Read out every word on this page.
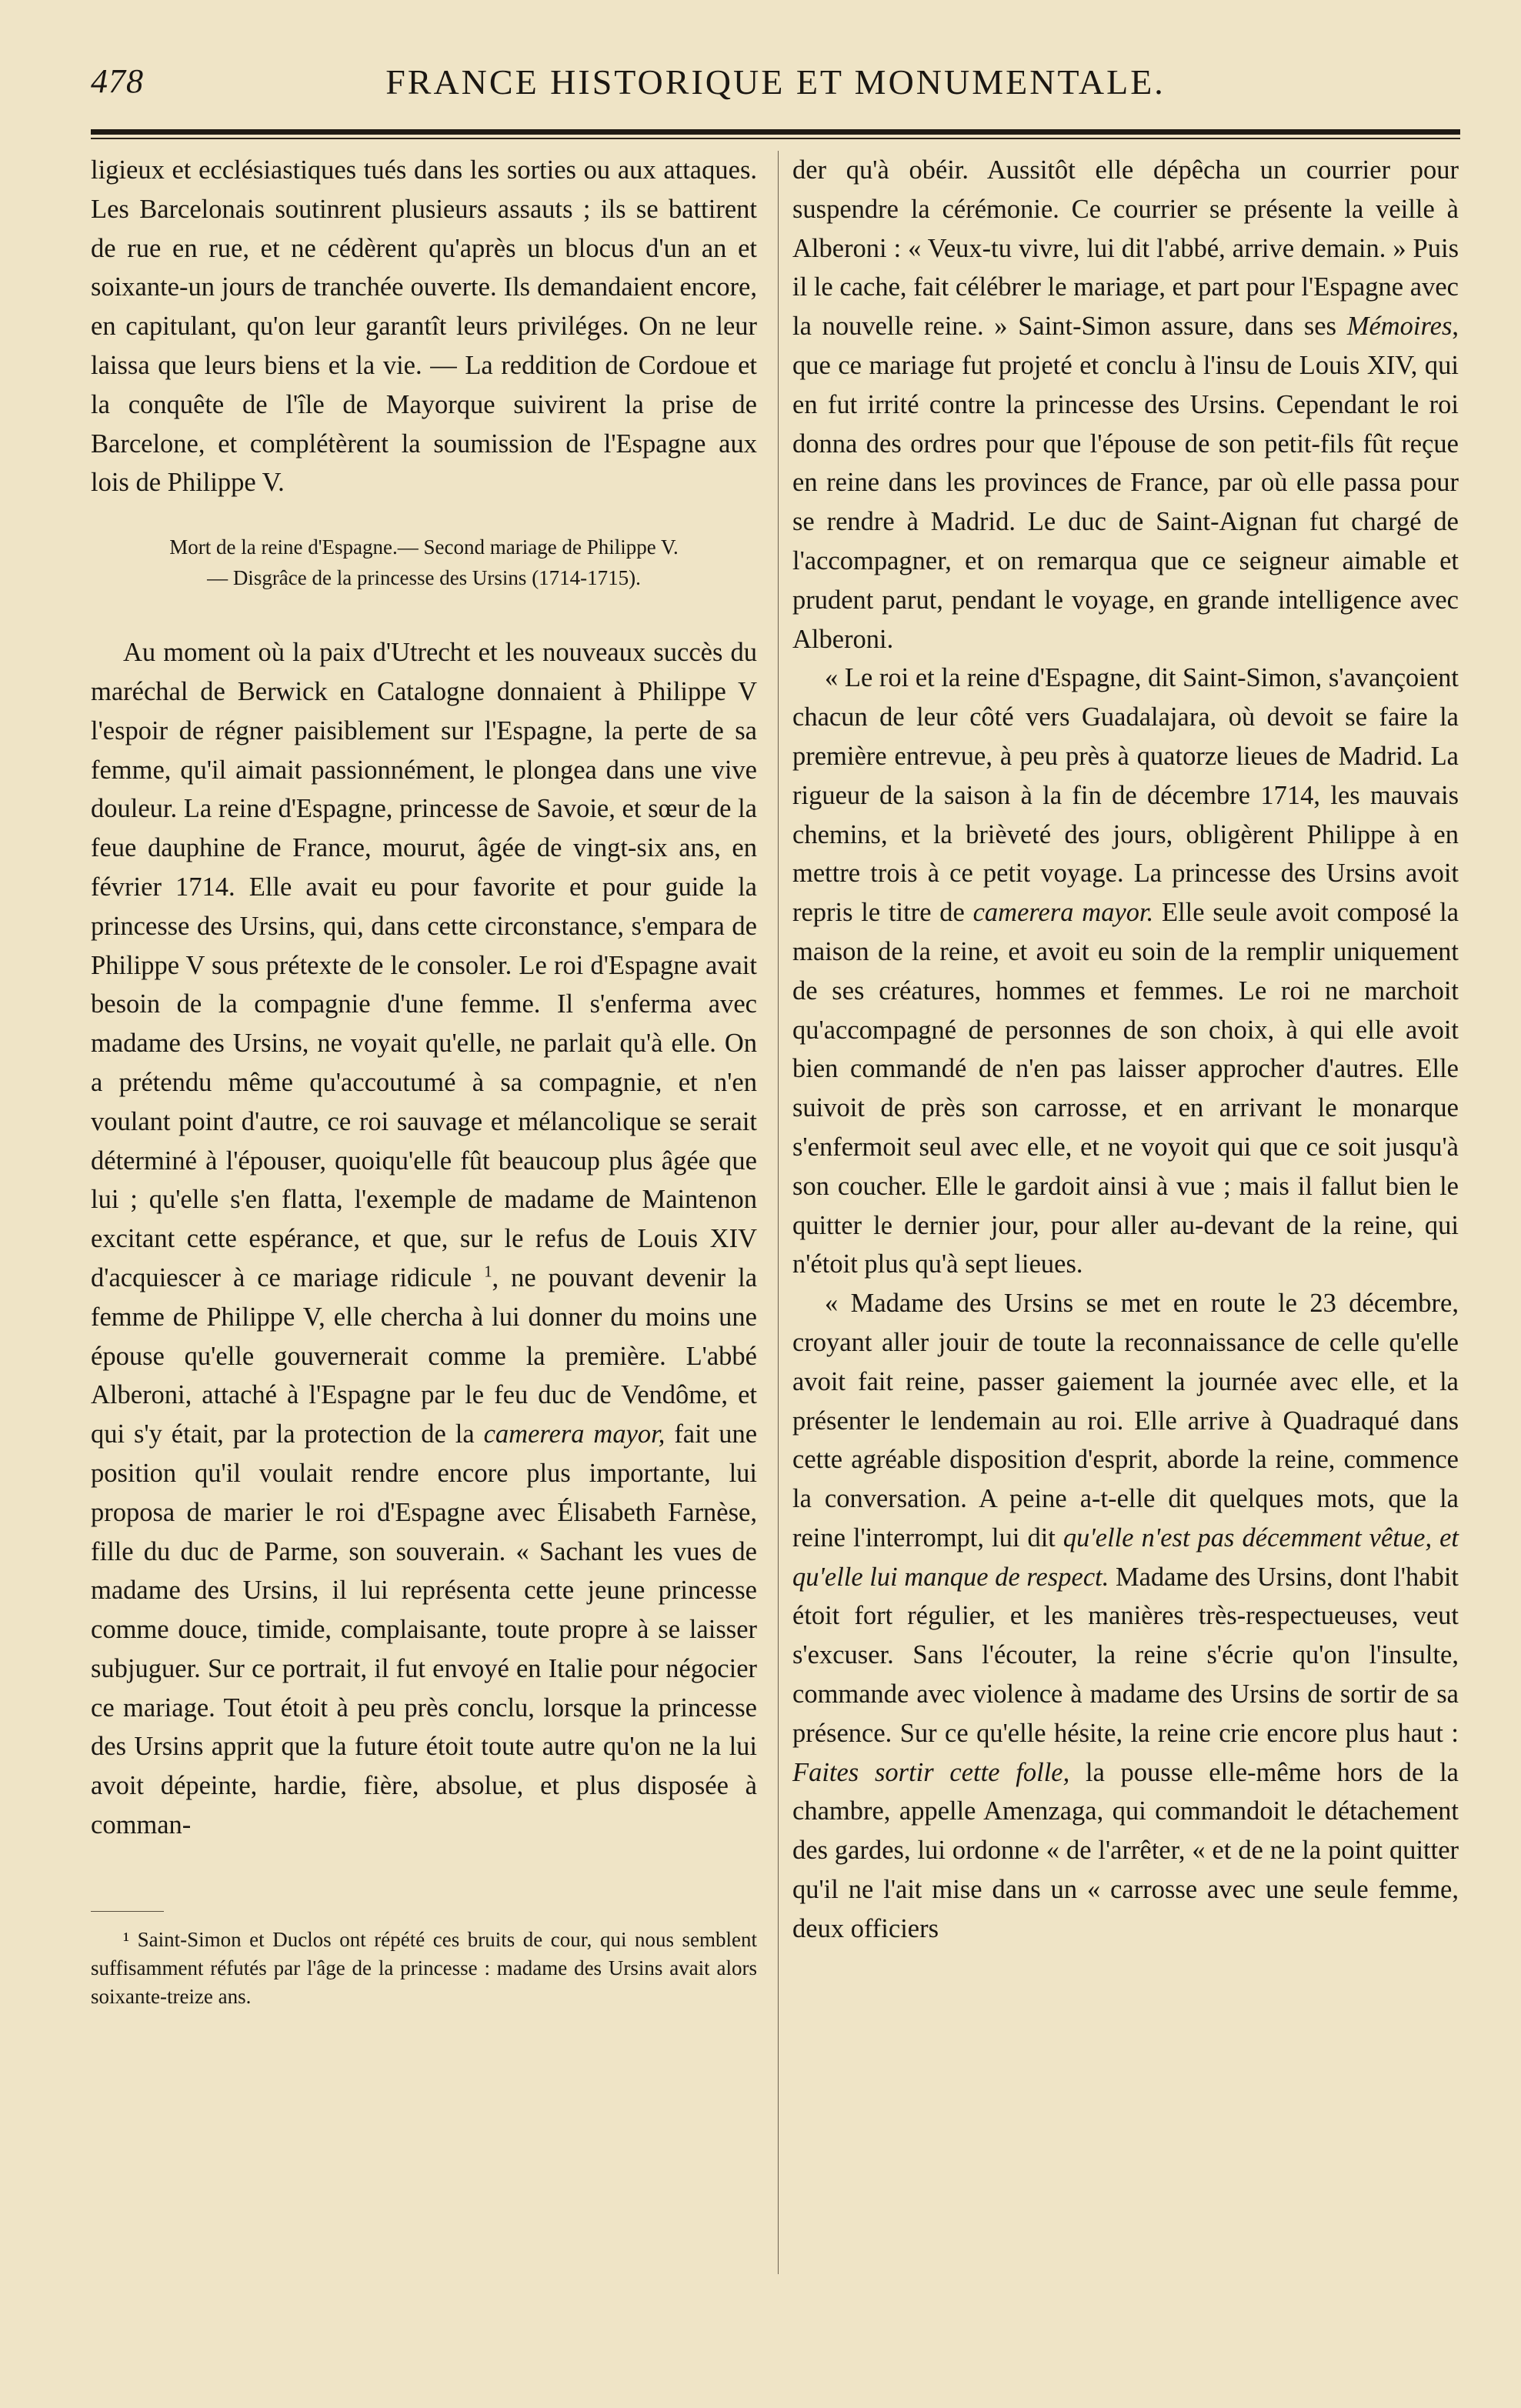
478	FRANCE HISTORIQUE ET MONUMENTALE.

ligieux et ecclésiastiques tués dans les sorties ou aux attaques. Les Barcelonais soutinrent plusieurs assauts ; ils se battirent de rue en rue, et ne cédèrent qu'après un blocus d'un an et soixante-un jours de tranchée ouverte. Ils demandaient encore, en capitulant, qu'on leur garantît leurs priviléges. On ne leur laissa que leurs biens et la vie. — La reddition de Cordoue et la conquête de l'île de Mayorque suivirent la prise de Barcelone, et complétèrent la soumission de l'Espagne aux lois de Philippe V.

Mort de la reine d'Espagne.— Second mariage de Philippe V.
— Disgrâce de la princesse des Ursins (1714-1715).

Au moment où la paix d'Utrecht et les nouveaux succès du maréchal de Berwick en Catalogne donnaient à Philippe V l'espoir de régner paisiblement sur l'Espagne, la perte de sa femme, qu'il aimait passionnément, le plongea dans une vive douleur. La reine d'Espagne, princesse de Savoie, et sœur de la feue dauphine de France, mourut, âgée de vingt-six ans, en février 1714. Elle avait eu pour favorite et pour guide la princesse des Ursins, qui, dans cette circonstance, s'empara de Philippe V sous prétexte de le consoler. Le roi d'Espagne avait besoin de la compagnie d'une femme. Il s'enferma avec madame des Ursins, ne voyait qu'elle, ne parlait qu'à elle. On a prétendu même qu'accoutumé à sa compagnie, et n'en voulant point d'autre, ce roi sauvage et mélancolique se serait déterminé à l'épouser, quoiqu'elle fût beaucoup plus âgée que lui ; qu'elle s'en flatta, l'exemple de madame de Maintenon excitant cette espérance, et que, sur le refus de Louis XIV d'acquiescer à ce mariage ridicule $^1$, ne pouvant devenir la femme de Philippe V, elle chercha à lui donner du moins une épouse qu'elle gouvernerait comme la première. L'abbé Alberoni, attaché à l'Espagne par le feu duc de Vendôme, et qui s'y était, par la protection de la camerera mayor, fait une position qu'il voulait rendre encore plus importante, lui proposa de marier le roi d'Espagne avec Élisabeth Farnèse, fille du duc de Parme, son souverain. « Sachant les vues de madame des Ursins, il lui représenta cette jeune princesse comme douce, timide, complaisante, toute propre à se laisser subjuguer. Sur ce portrait, il fut envoyé en Italie pour négocier ce mariage. Tout étoit à peu près conclu, lorsque la princesse des Ursins apprit que la future étoit toute autre qu'on ne la lui avoit dépeinte, hardie, fière, absolue, et plus disposée à comman-

¹ Saint-Simon et Duclos ont répété ces bruits de cour, qui nous semblent suffisamment réfutés par l'âge de la princesse : madame des Ursins avait alors soixante-treize ans.

der qu'à obéir. Aussitôt elle dépêcha un courrier pour suspendre la cérémonie. Ce courrier se présente la veille à Alberoni : « Veux-tu vivre, lui dit l'abbé, arrive demain. » Puis il le cache, fait célébrer le mariage, et part pour l'Espagne avec la nouvelle reine. » Saint-Simon assure, dans ses Mémoires, que ce mariage fut projeté et conclu à l'insu de Louis XIV, qui en fut irrité contre la princesse des Ursins. Cependant le roi donna des ordres pour que l'épouse de son petit-fils fût reçue en reine dans les provinces de France, par où elle passa pour se rendre à Madrid. Le duc de Saint-Aignan fut chargé de l'accompagner, et on remarqua que ce seigneur aimable et prudent parut, pendant le voyage, en grande intelligence avec Alberoni.

« Le roi et la reine d'Espagne, dit Saint-Simon, s'avançoient chacun de leur côté vers Guadalajara, où devoit se faire la première entrevue, à peu près à quatorze lieues de Madrid. La rigueur de la saison à la fin de décembre 1714, les mauvais chemins, et la brièveté des jours, obligèrent Philippe à en mettre trois à ce petit voyage. La princesse des Ursins avoit repris le titre de camerera mayor. Elle seule avoit composé la maison de la reine, et avoit eu soin de la remplir uniquement de ses créatures, hommes et femmes. Le roi ne marchoit qu'accompagné de personnes de son choix, à qui elle avoit bien commandé de n'en pas laisser approcher d'autres. Elle suivoit de près son carrosse, et en arrivant le monarque s'enfermoit seul avec elle, et ne voyoit qui que ce soit jusqu'à son coucher. Elle le gardoit ainsi à vue ; mais il fallut bien le quitter le dernier jour, pour aller au-devant de la reine, qui n'étoit plus qu'à sept lieues.

« Madame des Ursins se met en route le 23 décembre, croyant aller jouir de toute la reconnaissance de celle qu'elle avoit fait reine, passer gaiement la journée avec elle, et la présenter le lendemain au roi. Elle arrive à Quadraqué dans cette agréable disposition d'esprit, aborde la reine, commence la conversation. A peine a-t-elle dit quelques mots, que la reine l'interrompt, lui dit qu'elle n'est pas décemment vêtue, et qu'elle lui manque de respect. Madame des Ursins, dont l'habit étoit fort régulier, et les manières très-respectueuses, veut s'excuser. Sans l'écouter, la reine s'écrie qu'on l'insulte, commande avec violence à madame des Ursins de sortir de sa présence. Sur ce qu'elle hésite, la reine crie encore plus haut : Faites sortir cette folle, la pousse elle-même hors de la chambre, appelle Amenzaga, qui commandoit le détachement des gardes, lui ordonne « de l'arrêter, « et de ne la point quitter qu'il ne l'ait mise dans un « carrosse avec une seule femme, deux officiers
